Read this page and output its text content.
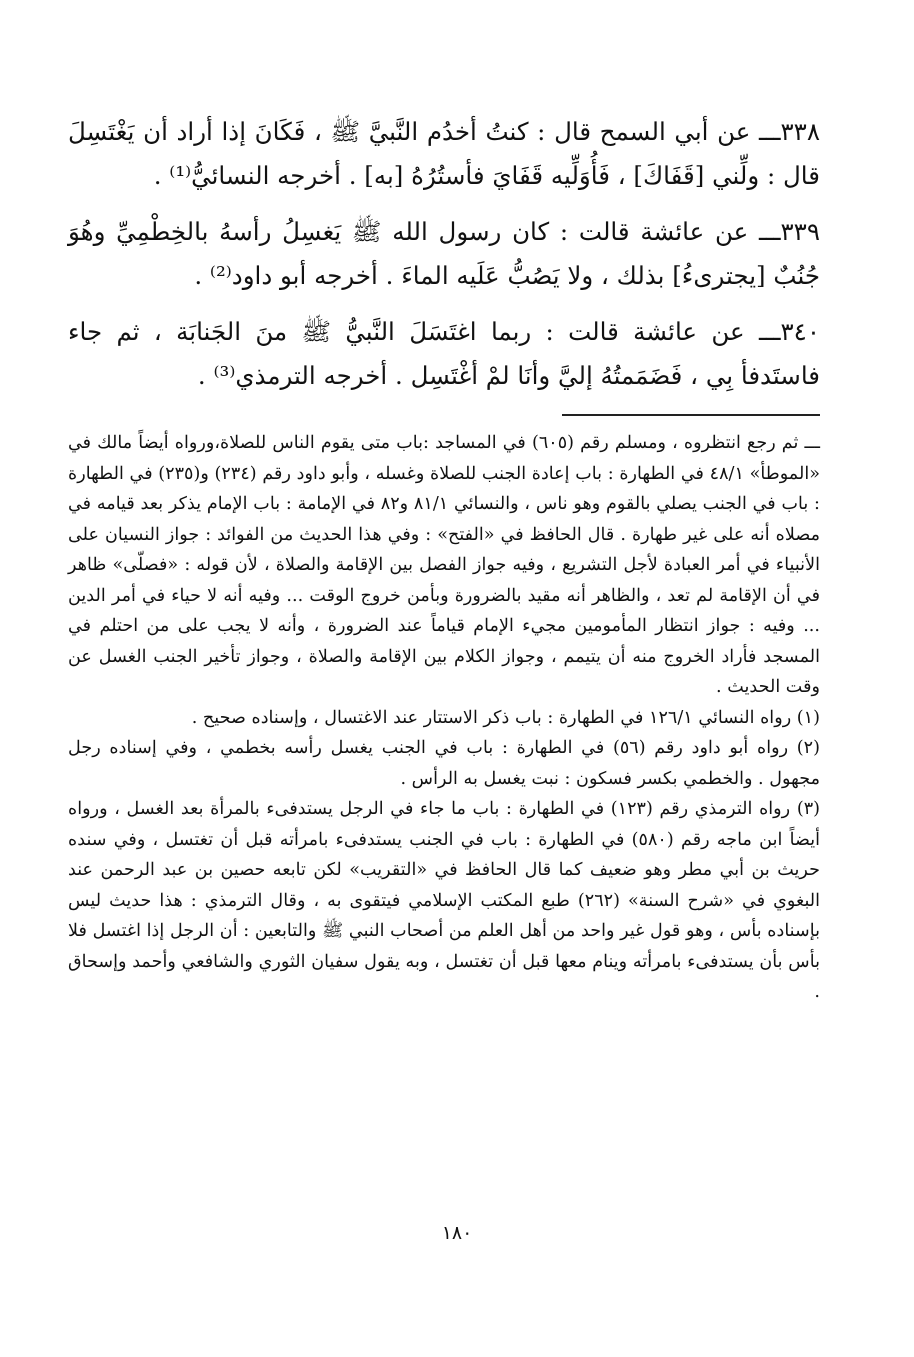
٣٣٨ـــ عن أبي السمح قال : كنتُ أخدُم النَّبيَّ ﷺ ، فَكَانَ إذا أراد أن يَغْتَسِلَ قال : ولِّني [قَفَاكَ] ، فَأُوَلِّيه قَفَايَ فأستُرُهُ [به] . أخرجه النسائيُّ⁽¹⁾ .

٣٣٩ـــ عن عائشة قالت : كان رسول الله ﷺ يَغسِلُ رأسهُ بالخِطْمِيِّ وهُوَ جُنُبٌ [يجترىءُ] بذلك ، ولا يَصُبُّ عَلَيه الماءَ . أخرجه أبو داود⁽²⁾ .

٣٤٠ـــ عن عائشة قالت : ربما اغتَسَلَ النَّبيُّ ﷺ منَ الجَنابَة ، ثم جاء فاستَدفأ بِي ، فَضَمَمتُهُ إليَّ وأنَا لمْ أغْتَسِل . أخرجه الترمذي⁽³⁾ .

ـــ ثم رجع انتظروه ، ومسلم رقم (٦٠٥) في المساجد :باب متى يقوم الناس للصلاة،ورواه أيضاً مالك في «الموطأ» ٤٨/١ في الطهارة : باب إعادة الجنب للصلاة وغسله ، وأبو داود رقم (٢٣٤) و(٢٣٥) في الطهارة : باب في الجنب يصلي بالقوم وهو ناس ، والنسائي ٨١/١ و٨٢ في الإمامة : باب الإمام يذكر بعد قيامه في مصلاه أنه على غير طهارة . قال الحافظ في «الفتح» : وفي هذا الحديث من الفوائد : جواز النسيان على الأنبياء في أمر العبادة لأجل التشريع ، وفيه جواز الفصل بين الإقامة والصلاة ، لأن قوله : «فصلّى» ظاهر في أن الإقامة لم تعد ، والظاهر أنه مقيد بالضرورة وبأمن خروج الوقت ... وفيه أنه لا حياء في أمر الدين ... وفيه : جواز انتظار المأمومين مجيء الإمام قياماً عند الضرورة ، وأنه لا يجب على من احتلم في المسجد فأراد الخروج منه أن يتيمم ، وجواز الكلام بين الإقامة والصلاة ، وجواز تأخير الجنب الغسل عن وقت الحديث .

(١) رواه النسائي ١٢٦/١ في الطهارة : باب ذكر الاستتار عند الاغتسال ، وإسناده صحيح .

(٢) رواه أبو داود رقم (٥٦) في الطهارة : باب في الجنب يغسل رأسه بخطمي ، وفي إسناده رجل مجهول . والخطمي بكسر فسكون : نبت يغسل به الرأس .

(٣) رواه الترمذي رقم (١٢٣) في الطهارة : باب ما جاء في الرجل يستدفىء بالمرأة بعد الغسل ، ورواه أيضاً ابن ماجه رقم (٥٨٠) في الطهارة : باب في الجنب يستدفىء بامرأته قبل أن تغتسل ، وفي سنده حريث بن أبي مطر وهو ضعيف كما قال الحافظ في «التقريب» لكن تابعه حصين بن عبد الرحمن عند البغوي في «شرح السنة» (٢٦٢) طبع المكتب الإسلامي فيتقوى به ، وقال الترمذي : هذا حديث ليس بإسناده بأس ، وهو قول غير واحد من أهل العلم من أصحاب النبي ﷺ والتابعين : أن الرجل إذا اغتسل فلا بأس بأن يستدفىء بامرأته وينام معها قبل أن تغتسل ، وبه يقول سفيان الثوري والشافعي وأحمد وإسحاق .

١٨٠
